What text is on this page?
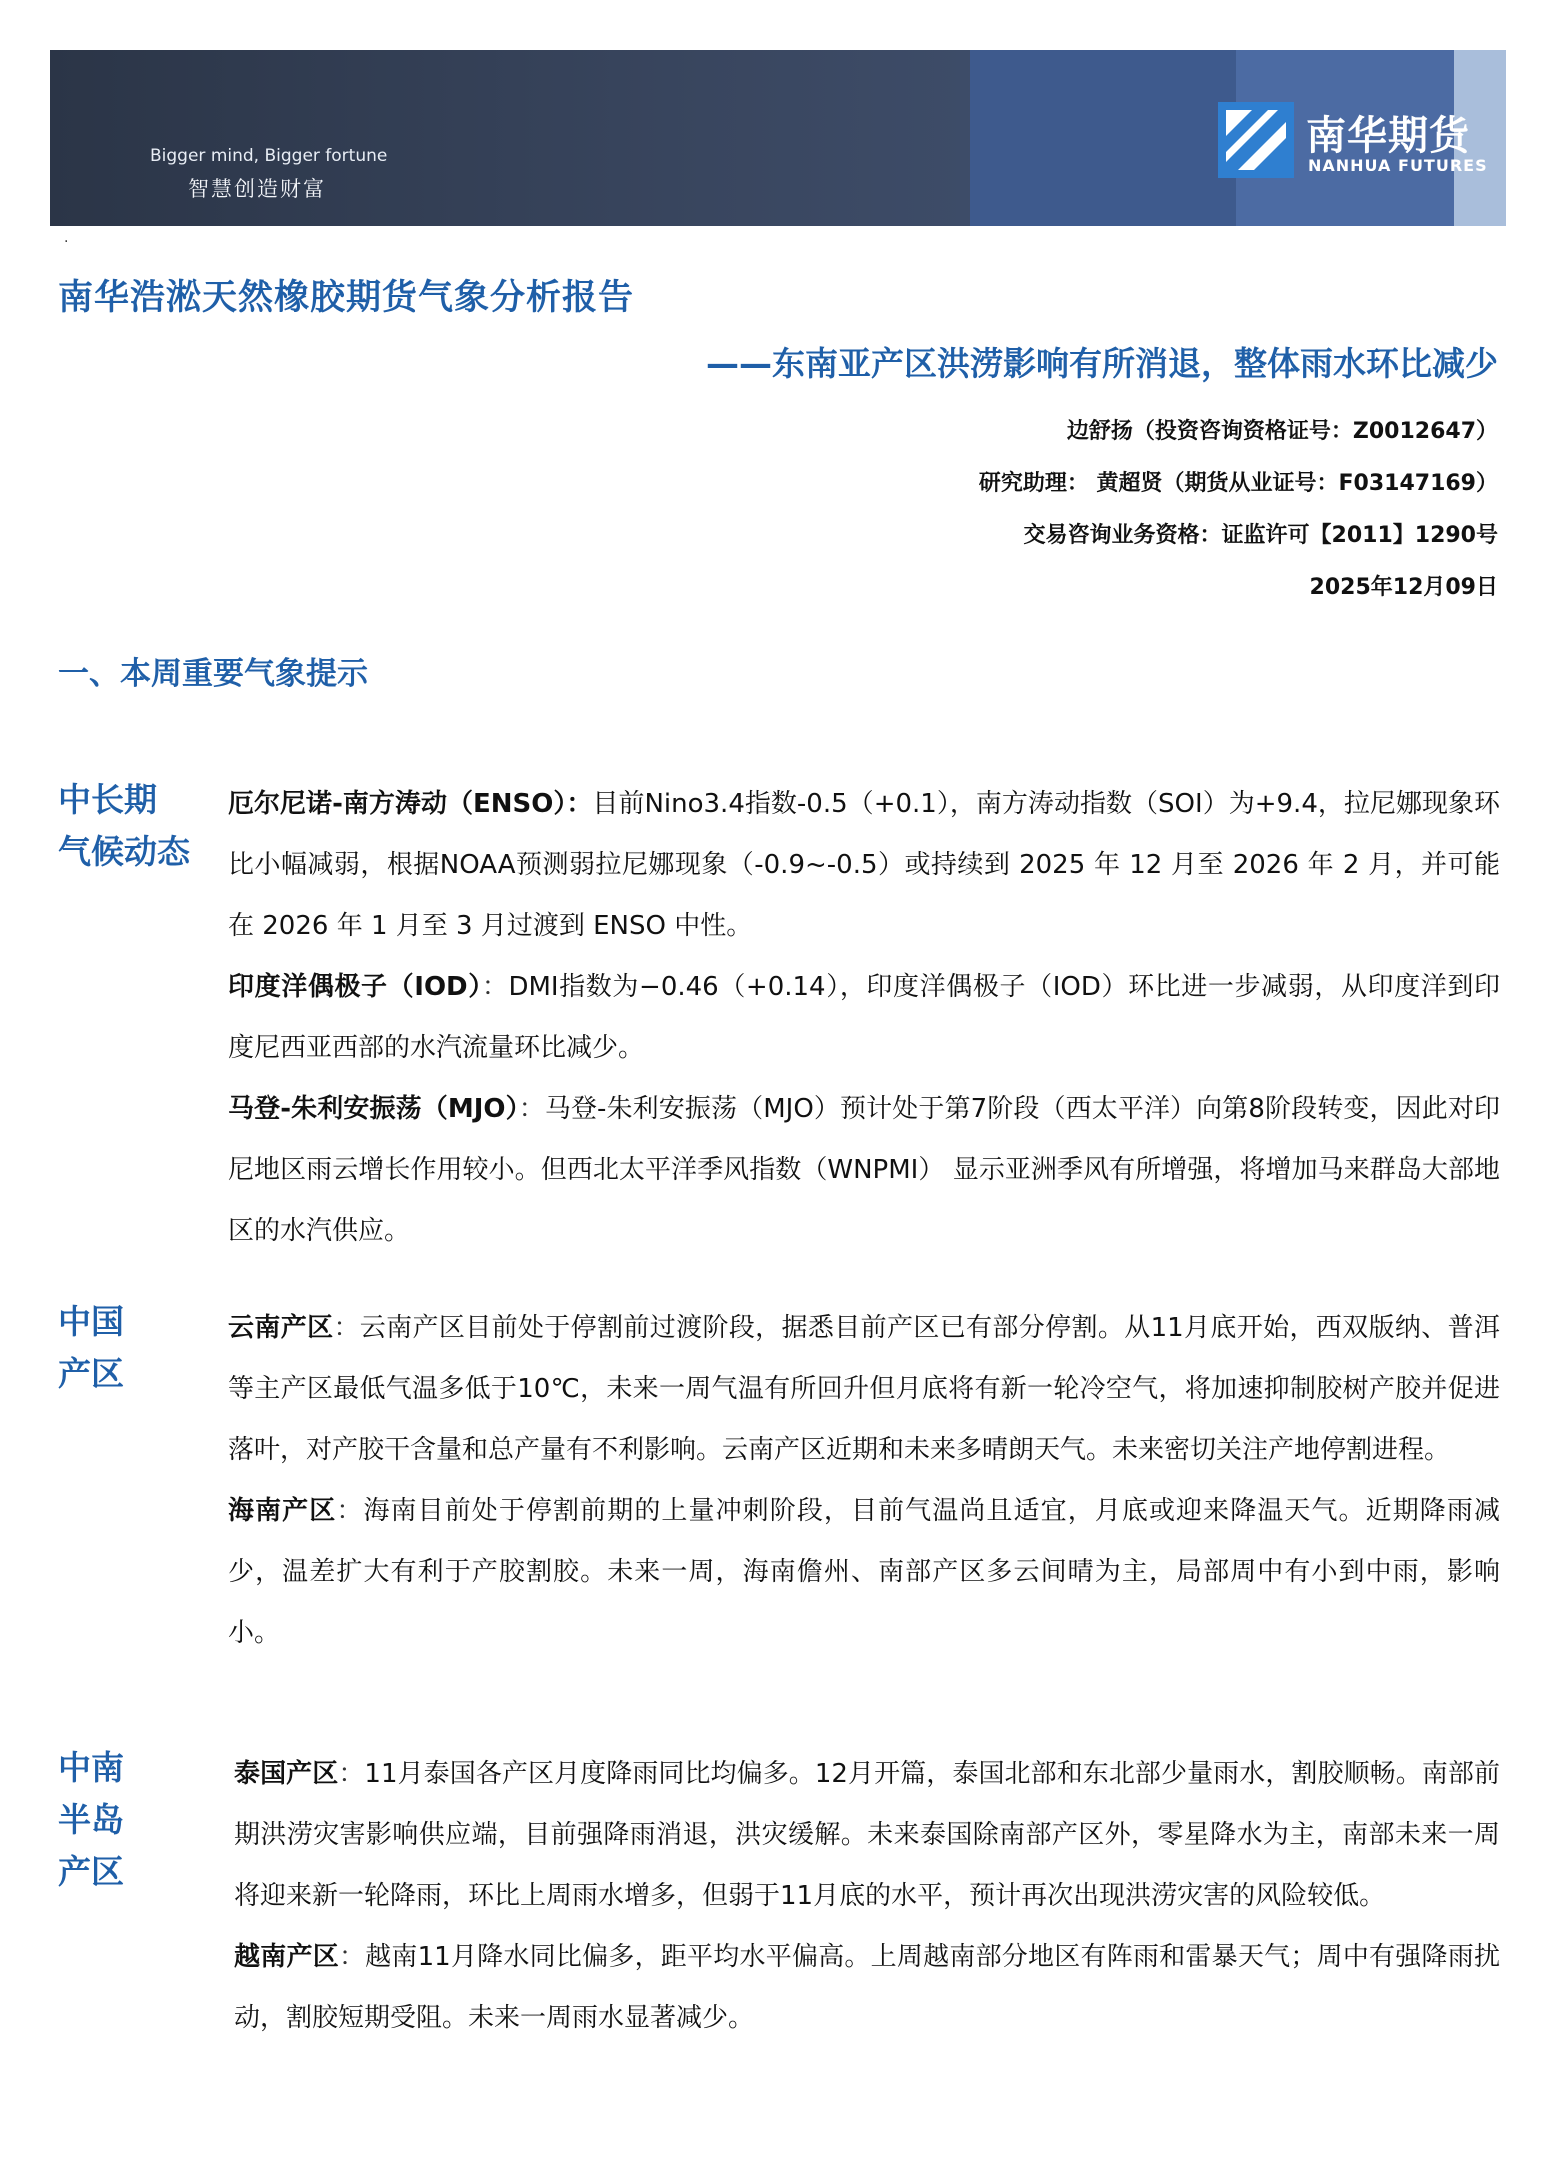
Bigger mind, Bigger fortune
智慧创造财富
南华期货
NANHUA FUTURES
.
南华浩淞天然橡胶期货气象分析报告
——东南亚产区洪涝影响有所消退，整体雨水环比减少
边舒扬（投资咨询资格证号：Z0012647）
研究助理： 黄超贤（期货从业证号：F03147169）
交易咨询业务资格：证监许可【2011】1290号
2025年12月09日
一、本周重要气象提示
中长期
气候动态

厄尔尼诺-南方涛动（ENSO）：目前Nino3.4指数-0.5（+0.1），南方涛动指数（SOI）为+9.4，拉尼娜现象环比小幅减弱，根据NOAA预测弱拉尼娜现象（-0.9~-0.5）或持续到 2025 年 12 月至 2026 年 2 月，并可能在 2026 年 1 月至 3 月过渡到 ENSO 中性。

印度洋偶极子（IOD）：DMI指数为−0.46（+0.14），印度洋偶极子（IOD）环比进一步减弱，从印度洋到印度尼西亚西部的水汽流量环比减少。

马登-朱利安振荡（MJO）：马登-朱利安振荡（MJO）预计处于第7阶段（西太平洋）向第8阶段转变，因此对印尼地区雨云增长作用较小。但西北太平洋季风指数（WNPMI） 显示亚洲季风有所增强，将增加马来群岛大部地区的水汽供应。

中国
产区

云南产区：云南产区目前处于停割前过渡阶段，据悉目前产区已有部分停割。从11月底开始，西双版纳、普洱等主产区最低气温多低于10℃，未来一周气温有所回升但月底将有新一轮冷空气，将加速抑制胶树产胶并促进落叶，对产胶干含量和总产量有不利影响。云南产区近期和未来多晴朗天气。未来密切关注产地停割进程。

海南产区：海南目前处于停割前期的上量冲刺阶段，目前气温尚且适宜，月底或迎来降温天气。近期降雨减少，温差扩大有利于产胶割胶。未来一周，海南儋州、南部产区多云间晴为主，局部周中有小到中雨，影响小。

中南
半岛
产区

泰国产区：11月泰国各产区月度降雨同比均偏多。12月开篇，泰国北部和东北部少量雨水，割胶顺畅。南部前期洪涝灾害影响供应端，目前强降雨消退，洪灾缓解。未来泰国除南部产区外，零星降水为主，南部未来一周将迎来新一轮降雨，环比上周雨水增多，但弱于11月底的水平，预计再次出现洪涝灾害的风险较低。

越南产区：越南11月降水同比偏多，距平均水平偏高。上周越南部分地区有阵雨和雷暴天气；周中有强降雨扰动，割胶短期受阻。未来一周雨水显著减少。
